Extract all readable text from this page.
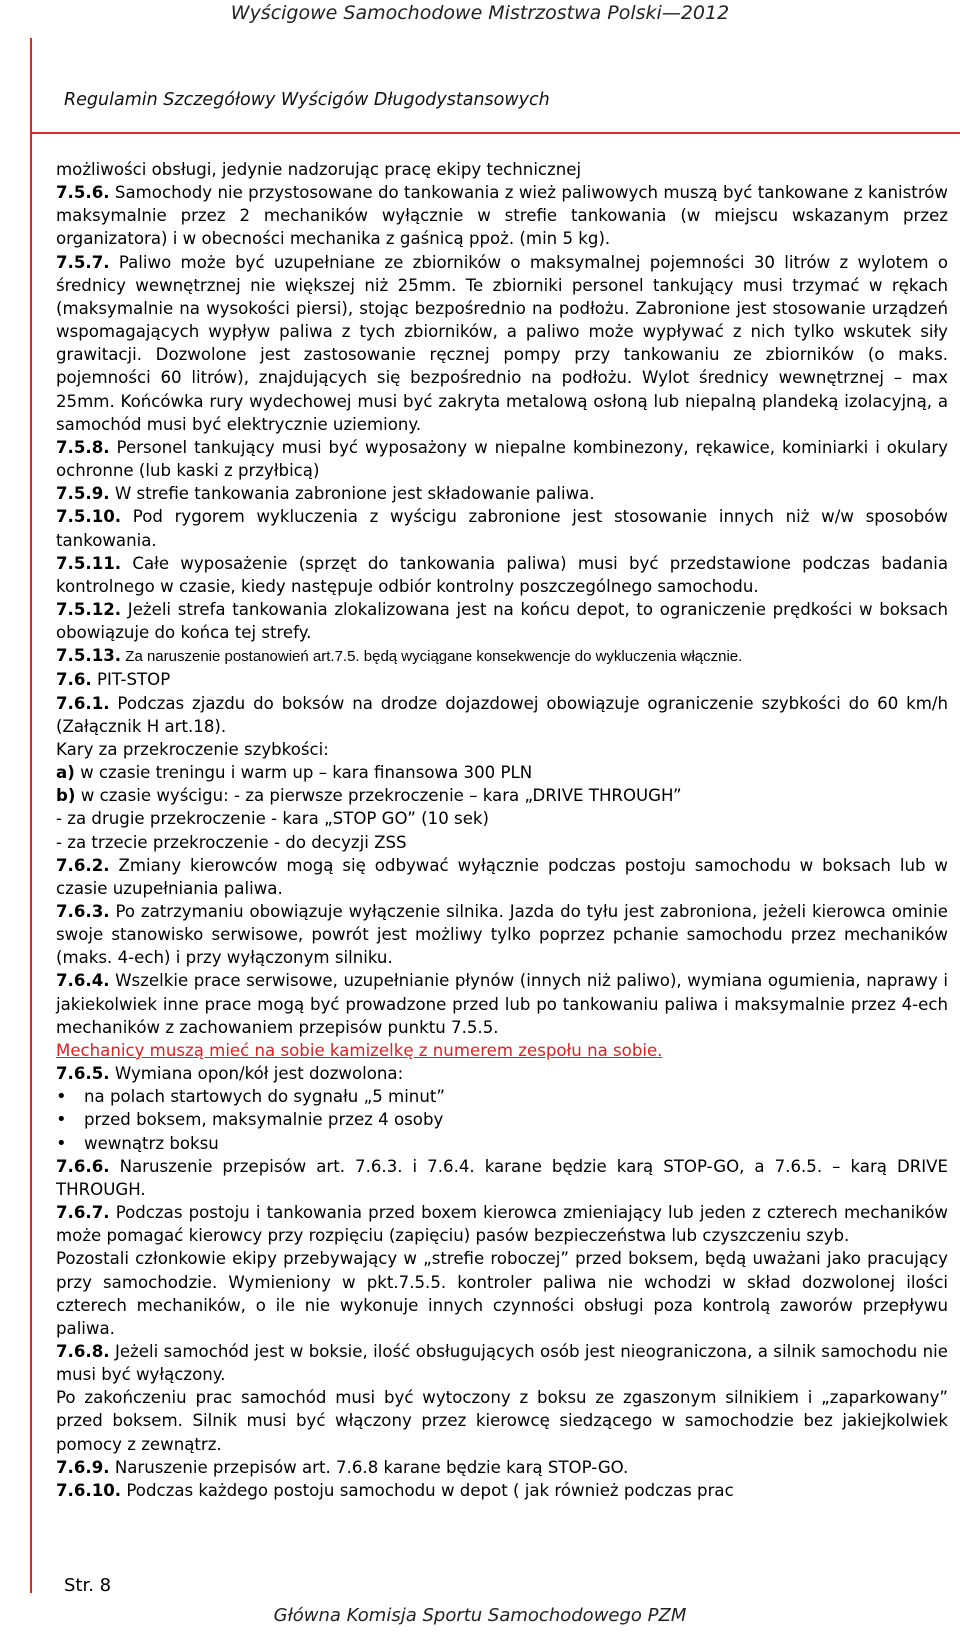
Wyścigowe Samochodowe Mistrzostwa Polski—2012
Regulamin Szczegółowy Wyścigów Długodystansowych

możliwości obsługi, jedynie nadzorując pracę ekipy technicznej

7.5.6. Samochody nie przystosowane do tankowania z wież paliwowych muszą być tankowane z kanistrów maksymalnie przez 2 mechaników wyłącznie w strefie tankowania (w miejscu wskazanym przez organizatora) i w obecności mechanika z gaśnicą ppoż. (min 5 kg).

7.5.7. Paliwo może być uzupełniane ze zbiorników o maksymalnej pojemności 30 litrów z wylotem o średnicy wewnętrznej nie większej niż 25mm. Te zbiorniki personel tankujący musi trzymać w rękach (maksymalnie na wysokości piersi), stojąc bezpośrednio na podłożu. Zabronione jest stosowanie urządzeń wspomagających wypływ paliwa z tych zbiorników, a paliwo może wypływać z nich tylko wskutek siły grawitacji. Dozwolone jest zastosowanie ręcznej pompy przy tankowaniu ze zbiorników (o maks. pojemności 60 litrów), znajdujących się bezpośrednio na podłożu. Wylot średnicy wewnętrznej – max 25mm. Końcówka rury wydechowej musi być zakryta metalową osłoną lub niepalną plandeką izolacyjną, a samochód musi być elektrycznie uziemiony.

7.5.8. Personel tankujący musi być wyposażony w niepalne kombinezony, rękawice, kominiarki i okulary ochronne (lub kaski z przyłbicą)

7.5.9. W strefie tankowania zabronione jest składowanie paliwa.

7.5.10. Pod rygorem wykluczenia z wyścigu zabronione jest stosowanie innych niż w/w sposobów tankowania.

7.5.11. Całe wyposażenie (sprzęt do tankowania paliwa) musi być przedstawione podczas badania kontrolnego w czasie, kiedy następuje odbiór kontrolny poszczególnego samochodu.

7.5.12. Jeżeli strefa tankowania zlokalizowana jest na końcu depot, to ograniczenie prędkości w boksach obowiązuje do końca tej strefy.

7.5.13. Za naruszenie postanowień art.7.5. będą wyciągane konsekwencje do wykluczenia włącznie.

7.6. PIT-STOP

7.6.1. Podczas zjazdu do boksów na drodze dojazdowej obowiązuje ograniczenie szybkości do 60 km/h (Załącznik H art.18).

Kary za przekroczenie szybkości:

a) w czasie treningu i warm up – kara finansowa 300 PLN

b) w czasie wyścigu: - za pierwsze przekroczenie – kara „DRIVE THROUGH”

- za drugie przekroczenie - kara „STOP GO” (10 sek)

- za trzecie przekroczenie - do decyzji ZSS

7.6.2. Zmiany kierowców mogą się odbywać wyłącznie podczas postoju samochodu w boksach lub w czasie uzupełniania paliwa.

7.6.3. Po zatrzymaniu obowiązuje wyłączenie silnika. Jazda do tyłu jest zabroniona, jeżeli kierowca ominie swoje stanowisko serwisowe, powrót jest możliwy tylko poprzez pchanie samochodu przez mechaników (maks. 4-ech) i przy wyłączonym silniku.

7.6.4. Wszelkie prace serwisowe, uzupełnianie płynów (innych niż paliwo), wymiana ogumienia, naprawy i jakiekolwiek inne prace mogą być prowadzone przed lub po tankowaniu paliwa i maksymalnie przez 4-ech mechaników z zachowaniem przepisów punktu 7.5.5.

Mechanicy muszą mieć na sobie kamizelkę z numerem zespołu na sobie.

7.6.5. Wymiana opon/kół jest dozwolona:

• na polach startowych do sygnału „5 minut”
• przed boksem, maksymalnie przez 4 osoby
• wewnątrz boksu

7.6.6. Naruszenie przepisów art. 7.6.3. i 7.6.4. karane będzie karą STOP-GO, a 7.6.5. – karą DRIVE THROUGH.

7.6.7. Podczas postoju i tankowania przed boxem kierowca zmieniający lub jeden z czterech mechaników może pomagać kierowcy przy rozpięciu (zapięciu) pasów bezpieczeństwa lub czyszczeniu szyb.

Pozostali członkowie ekipy przebywający w „strefie roboczej” przed boksem, będą uważani jako pracujący przy samochodzie. Wymieniony w pkt.7.5.5. kontroler paliwa nie wchodzi w skład dozwolonej ilości czterech mechaników, o ile nie wykonuje innych czynności obsługi poza kontrolą zaworów przepływu paliwa.

7.6.8. Jeżeli samochód jest w boksie, ilość obsługujących osób jest nieograniczona, a silnik samochodu nie musi być wyłączony.

Po zakończeniu prac samochód musi być wytoczony z boksu ze zgaszonym silnikiem i „zaparkowany” przed boksem. Silnik musi być włączony przez kierowcę siedzącego w samochodzie bez jakiejkolwiek pomocy z zewnątrz.

7.6.9. Naruszenie przepisów art. 7.6.8 karane będzie karą STOP-GO.

7.6.10. Podczas każdego postoju samochodu w depot ( jak również podczas prac

Str. 8
Główna Komisja Sportu Samochodowego PZM
